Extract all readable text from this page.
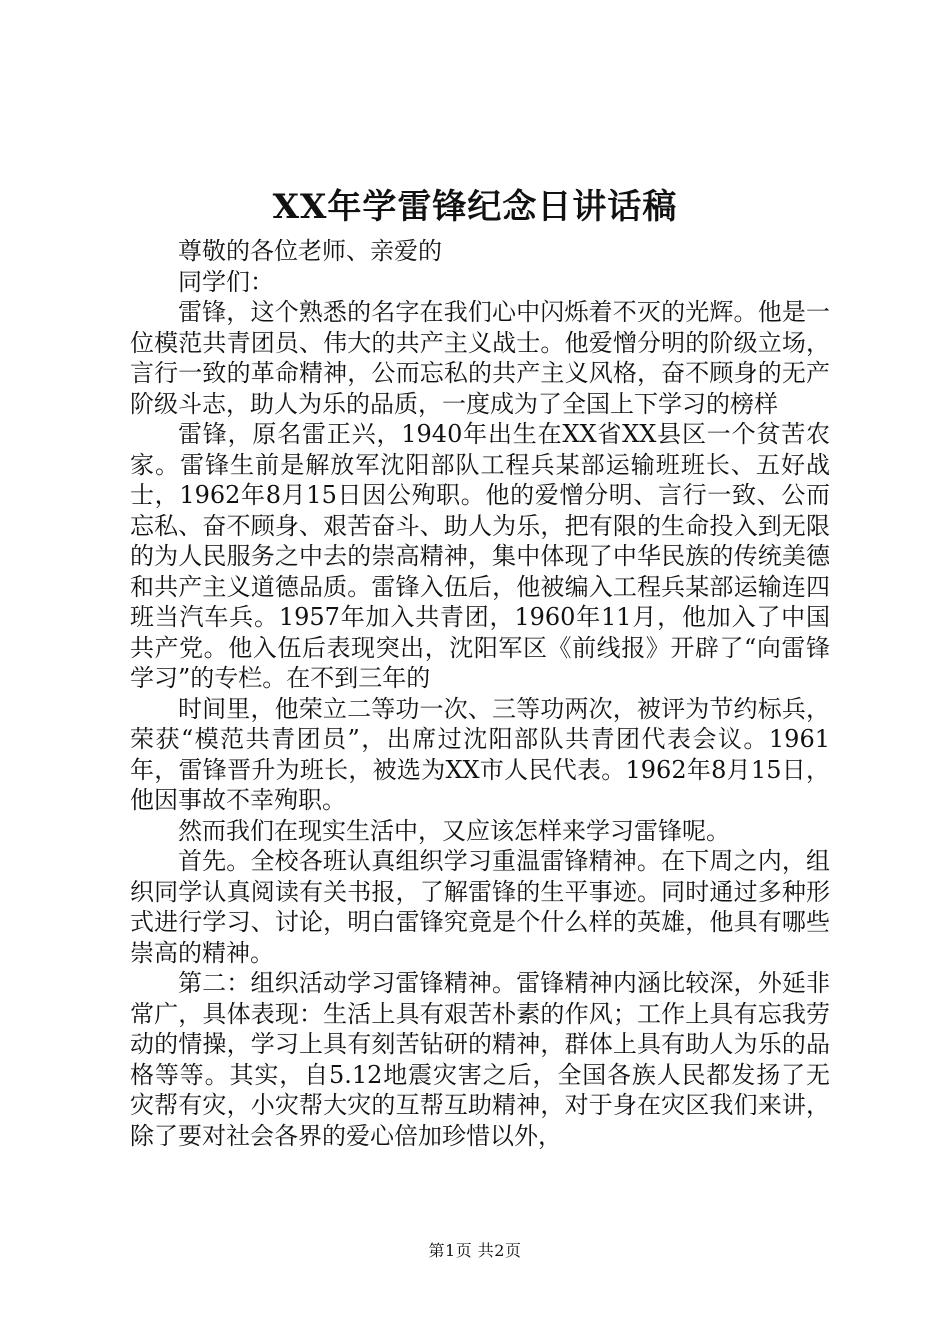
XX年学雷锋纪念日讲话稿

尊敬的各位老师、亲爱的

同学们：

雷锋，这个熟悉的名字在我们心中闪烁着不灭的光辉。他是一位模范共青团员、伟大的共产主义战士。他爱憎分明的阶级立场，言行一致的革命精神，公而忘私的共产主义风格，奋不顾身的无产阶级斗志，助人为乐的品质，一度成为了全国上下学习的榜样

雷锋，原名雷正兴，1940年出生在XX省XX县区一个贫苦农家。雷锋生前是解放军沈阳部队工程兵某部运输班班长、五好战士，1962年8月15日因公殉职。他的爱憎分明、言行一致、公而忘私、奋不顾身、艰苦奋斗、助人为乐，把有限的生命投入到无限的为人民服务之中去的崇高精神，集中体现了中华民族的传统美德和共产主义道德品质。雷锋入伍后，他被编入工程兵某部运输连四班当汽车兵。1957年加入共青团，1960年11月，他加入了中国共产党。他入伍后表现突出，沈阳军区《前线报》开辟了“向雷锋学习”的专栏。在不到三年的

时间里，他荣立二等功一次、三等功两次，被评为节约标兵，荣获“模范共青团员”，出席过沈阳部队共青团代表会议。1961年，雷锋晋升为班长，被选为XX市人民代表。1962年8月15日，他因事故不幸殉职。

然而我们在现实生活中，又应该怎样来学习雷锋呢。

首先。全校各班认真组织学习重温雷锋精神。在下周之内，组织同学认真阅读有关书报，了解雷锋的生平事迹。同时通过多种形式进行学习、讨论，明白雷锋究竟是个什么样的英雄，他具有哪些崇高的精神。

第二：组织活动学习雷锋精神。雷锋精神内涵比较深，外延非常广，具体表现：生活上具有艰苦朴素的作风；工作上具有忘我劳动的情操，学习上具有刻苦钻研的精神，群体上具有助人为乐的品格等等。其实，自5.12地震灾害之后，全国各族人民都发扬了无灾帮有灾，小灾帮大灾的互帮互助精神，对于身在灾区我们来讲，除了要对社会各界的爱心倍加珍惜以外，

第1页 共2页
